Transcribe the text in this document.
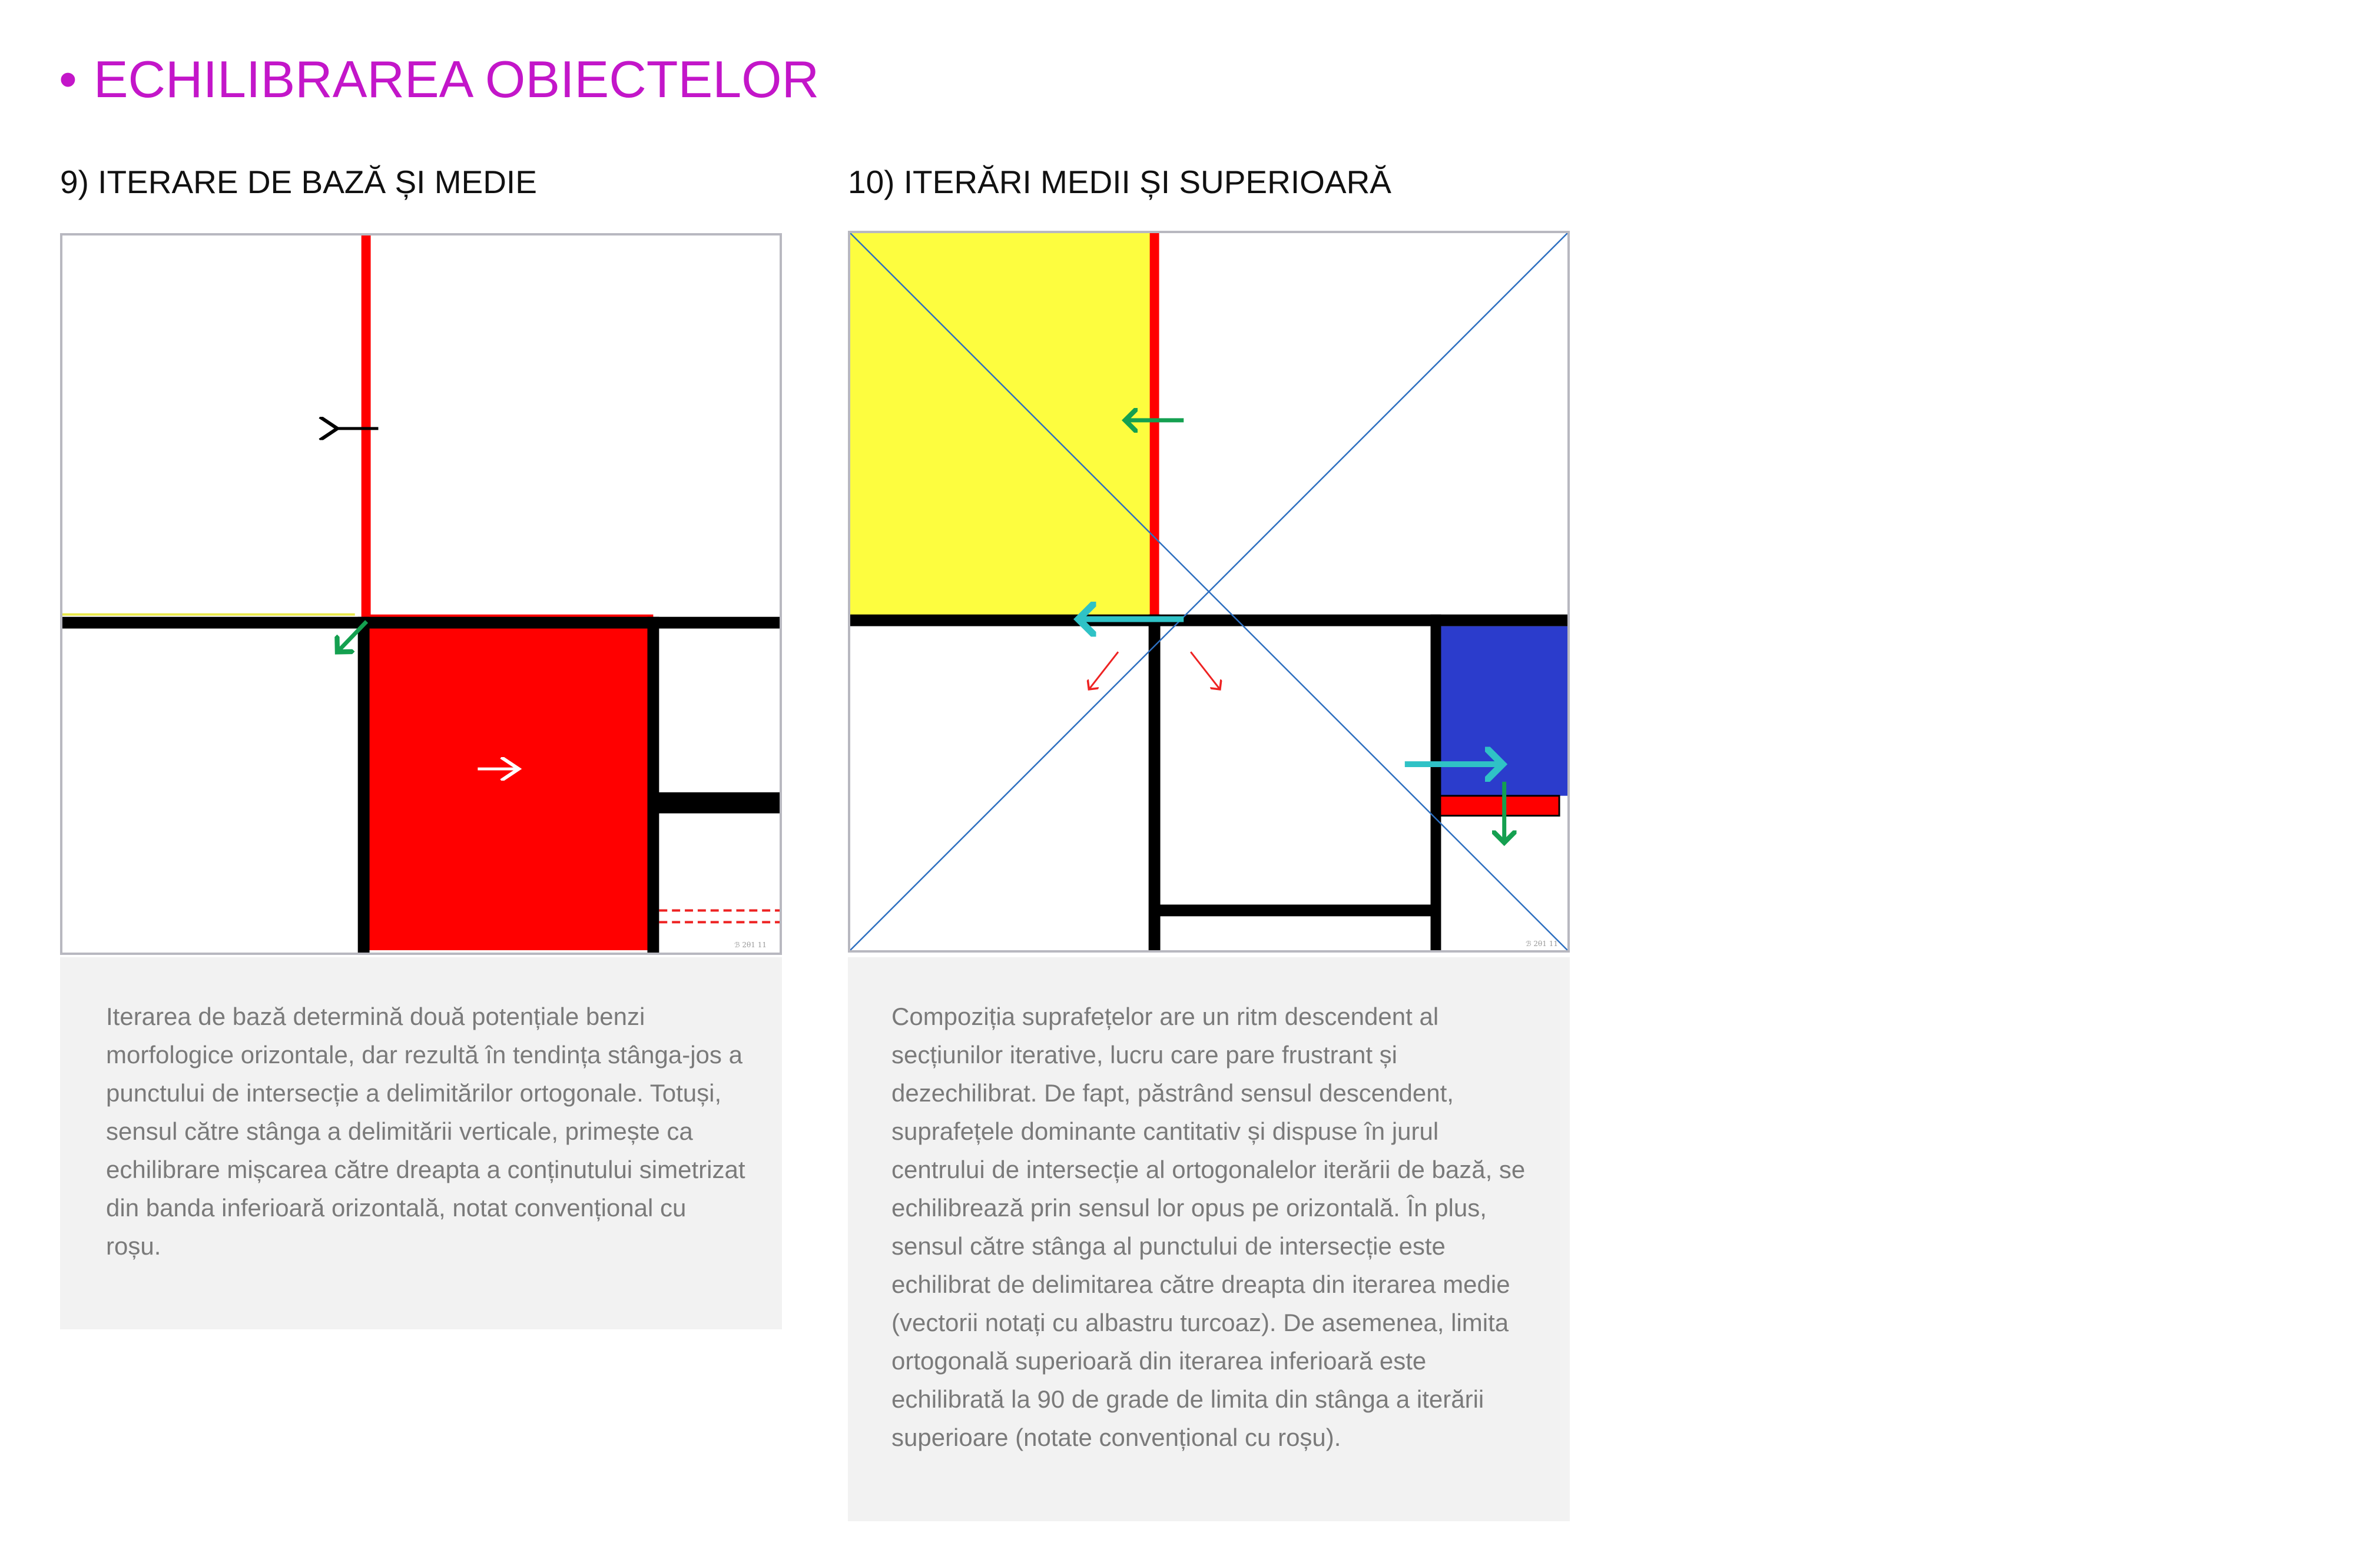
• ECHILIBRAREA OBIECTELOR
9) ITERARE DE BAZĂ ȘI MEDIE	10) ITERĂRI MEDII ȘI SUPERIOARĂ
ℬ 2θ1 11	ℬ 2θ1 11

Iterarea de bază determină două potențiale benzi morfologice orizontale, dar rezultă în tendința stânga-jos a punctului de intersecție a delimitărilor ortogonale. Totuși, sensul către stânga a delimitării verticale, primește ca echilibrare mișcarea către dreapta a conținutului simetrizat din banda inferioară orizontală, notat convențional cu roșu.

Compoziția suprafețelor are un ritm descendent al secțiunilor iterative, lucru care pare frustrant și dezechilibrat. De fapt, păstrând sensul descendent, suprafețele dominante cantitativ și dispuse în jurul centrului de intersecție al ortogonalelor iterării de bază, se echilibrează prin sensul lor opus pe orizontală. În plus, sensul către stânga al punctului de intersecție este echilibrat de delimitarea către dreapta din iterarea medie (vectorii notați cu albastru turcoaz). De asemenea, limita ortogonală superioară din iterarea inferioară este echilibrată la 90 de grade de limita din stânga a iterării superioare (notate convențional cu roșu).
